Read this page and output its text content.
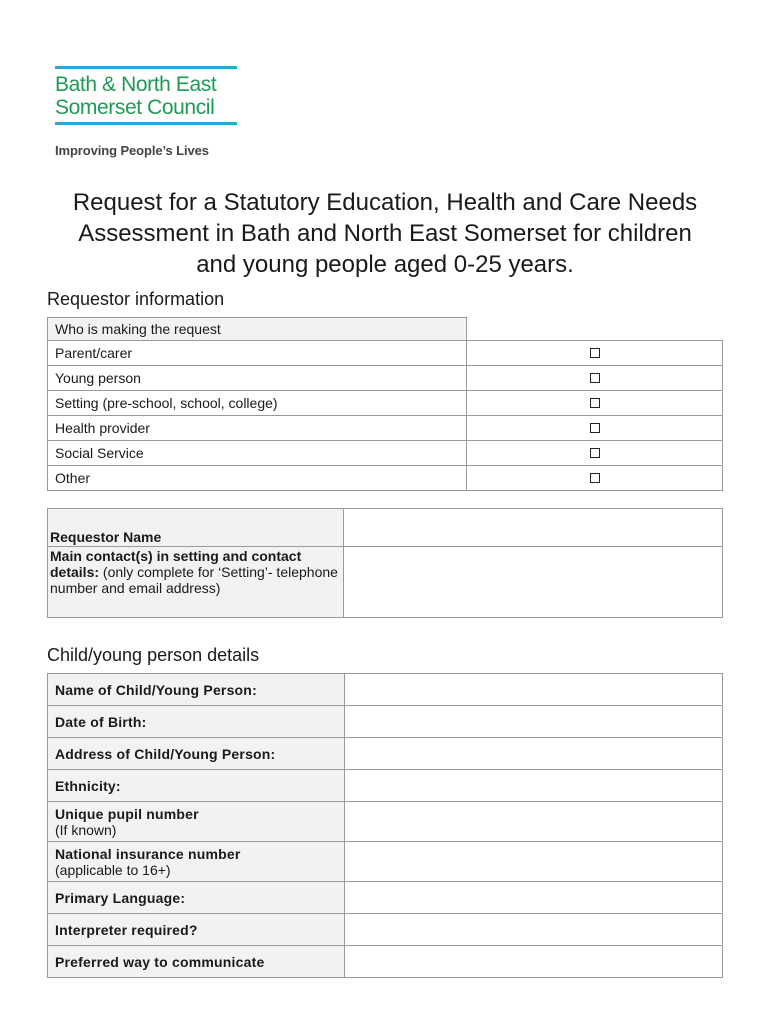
Bath & North East
Somerset Council
Improving People’s Lives
Request for a Statutory Education, Health and Care Needs
Assessment in Bath and North East Somerset for children
and young people aged 0-25 years.
Requestor information
Who is making the request	
Parent/carer	
Young person	
Setting (pre-school, school, college)	
Health provider	
Social Service	
Other	
Requestor Name	
Main contact(s) in setting and contact details: (only complete for ‘Setting’- telephone number and email address)	
Child/young person details
Name of Child/Young Person:	
Date of Birth:	
Address of Child/Young Person:	
Ethnicity:	
Unique pupil number
(If known)	

National insurance number
(applicable to 16+)	

Primary Language:	
Interpreter required?	
Preferred way to communicate	
